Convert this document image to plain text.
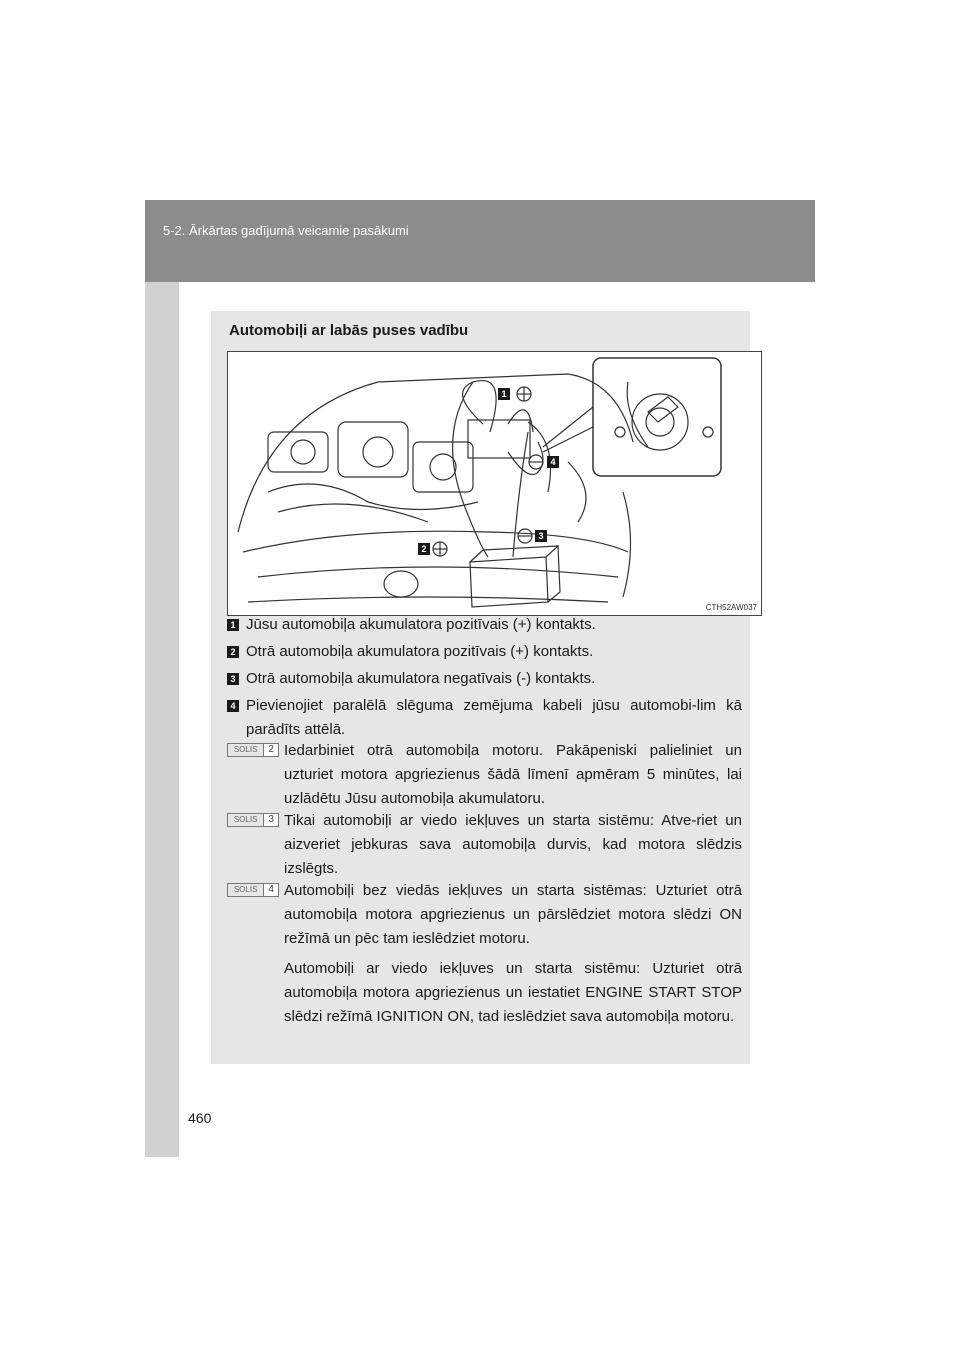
5-2. Ārkārtas gadījumā veicamie pasākumi
460
Automobiļi ar labās puses vadību
1
2
3
4
CTH52AW037
1 Jūsu automobiļa akumulatora pozitīvais (+) kontakts.
2 Otrā automobiļa akumulatora pozitīvais (+) kontakts.
3 Otrā automobiļa akumulatora negatīvais (-) kontakts.
4 Pievienojiet paralēlā slēguma zemējuma kabeli jūsu automobi-lim kā parādīts attēlā.
SOLIS	2 Iedarbiniet otrā automobiļa motoru. Pakāpeniski palieliniet un uzturiet motora apgriezienus šādā līmenī apmēram 5 minūtes, lai uzlādētu Jūsu automobiļa akumulatoru.
SOLIS	3 Tikai automobiļi ar viedo iekļuves un starta sistēmu: Atve-riet un aizveriet jebkuras sava automobiļa durvis, kad motora slēdzis izslēgts.
SOLIS	4 Automobiļi bez viedās iekļuves un starta sistēmas: Uzturiet otrā automobiļa motora apgriezienus un pārslēdziet motora slēdzi ON režīmā un pēc tam ieslēdziet motoru.
Automobiļi ar viedo iekļuves un starta sistēmu: Uzturiet otrā automobiļa motora apgriezienus un iestatiet ENGINE START STOP slēdzi režīmā IGNITION ON, tad ieslēdziet sava automobiļa motoru.
